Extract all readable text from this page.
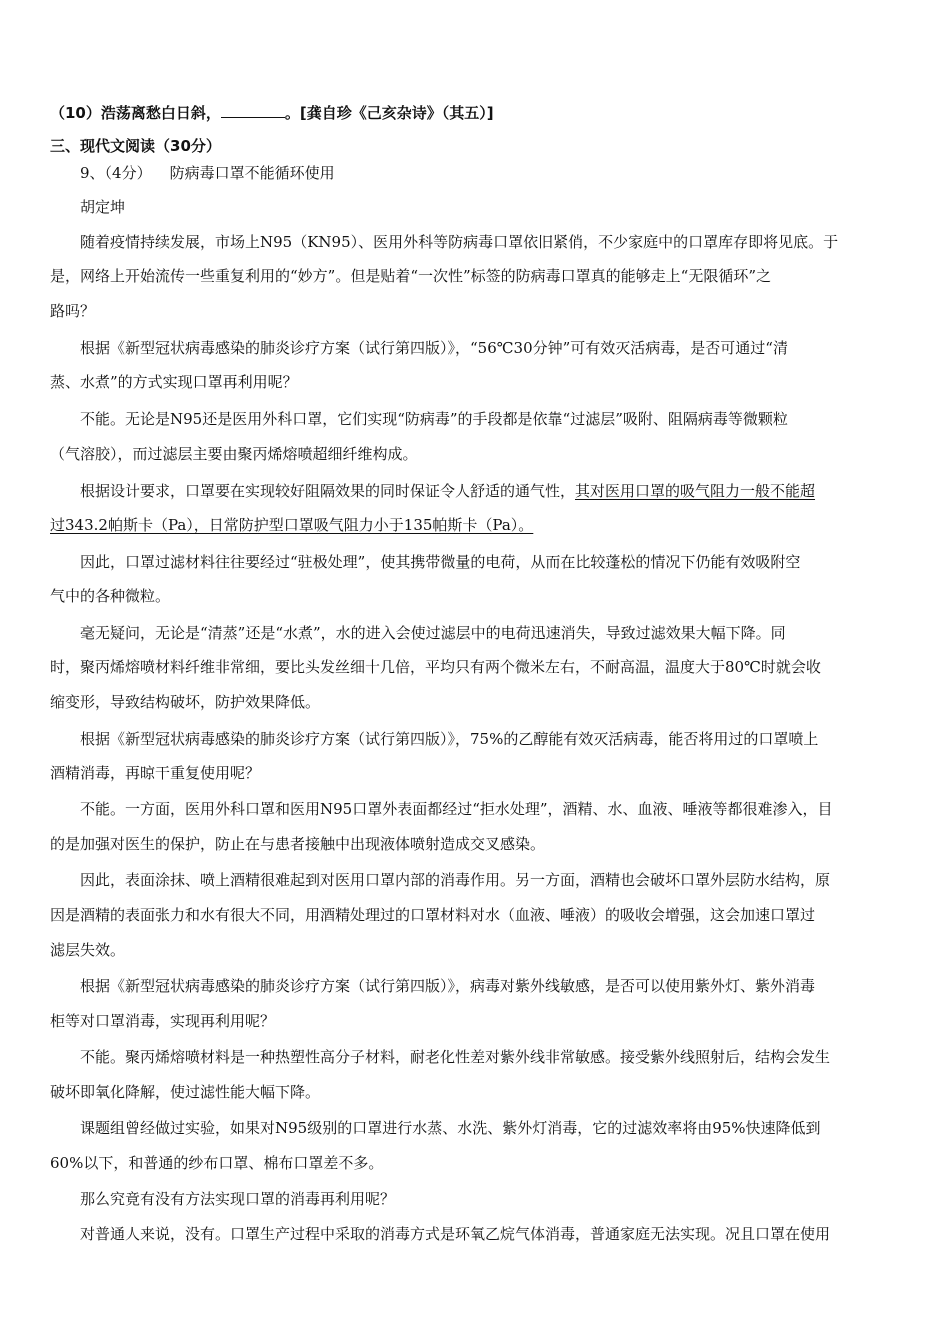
（10）浩荡离愁白日斜，	。[龚自珍《己亥杂诗》（其五）]
三、现代文阅读（30分）
9、（4分） 防病毒口罩不能循环使用
胡定坤
随着疫情持续发展，市场上N95（KN95）、医用外科等防病毒口罩依旧紧俏，不少家庭中的口罩库存即将见底。于
是，网络上开始流传一些重复利用的“妙方”。但是贴着“一次性”标签的防病毒口罩真的能够走上“无限循环”之
路吗？
根据《新型冠状病毒感染的肺炎诊疗方案（试行第四版）》，“56℃30分钟”可有效灭活病毒，是否可通过“清
蒸、水煮”的方式实现口罩再利用呢？
不能。无论是N95还是医用外科口罩，它们实现“防病毒”的手段都是依靠“过滤层”吸附、阻隔病毒等微颗粒
（气溶胶），而过滤层主要由聚丙烯熔喷超细纤维构成。
根据设计要求，口罩要在实现较好阻隔效果的同时保证令人舒适的通气性，其对医用口罩的吸气阻力一般不能超
过343.2帕斯卡（Pa），日常防护型口罩吸气阻力小于135帕斯卡（Pa）。
因此，口罩过滤材料往往要经过“驻极处理”，使其携带微量的电荷，从而在比较蓬松的情况下仍能有效吸附空
气中的各种微粒。
毫无疑问，无论是“清蒸”还是“水煮”，水的进入会使过滤层中的电荷迅速消失，导致过滤效果大幅下降。同
时，聚丙烯熔喷材料纤维非常细，要比头发丝细十几倍，平均只有两个微米左右，不耐高温，温度大于80℃时就会收
缩变形，导致结构破坏，防护效果降低。
根据《新型冠状病毒感染的肺炎诊疗方案（试行第四版）》，75%的乙醇能有效灭活病毒，能否将用过的口罩喷上
酒精消毒，再晾干重复使用呢？
不能。一方面，医用外科口罩和医用N95口罩外表面都经过“拒水处理”，酒精、水、血液、唾液等都很难渗入，目
的是加强对医生的保护，防止在与患者接触中出现液体喷射造成交叉感染。
因此，表面涂抹、喷上酒精很难起到对医用口罩内部的消毒作用。另一方面，酒精也会破坏口罩外层防水结构，原
因是酒精的表面张力和水有很大不同，用酒精处理过的口罩材料对水（血液、唾液）的吸收会增强，这会加速口罩过
滤层失效。
根据《新型冠状病毒感染的肺炎诊疗方案（试行第四版）》，病毒对紫外线敏感，是否可以使用紫外灯、紫外消毒
柜等对口罩消毒，实现再利用呢？
不能。聚丙烯熔喷材料是一种热塑性高分子材料，耐老化性差对紫外线非常敏感。接受紫外线照射后，结构会发生
破坏即氧化降解，使过滤性能大幅下降。
课题组曾经做过实验，如果对N95级别的口罩进行水蒸、水洗、紫外灯消毒，它的过滤效率将由95%快速降低到
60%以下，和普通的纱布口罩、棉布口罩差不多。
那么究竟有没有方法实现口罩的消毒再利用呢？
对普通人来说，没有。口罩生产过程中采取的消毒方式是环氧乙烷气体消毒，普通家庭无法实现。况且口罩在使用
